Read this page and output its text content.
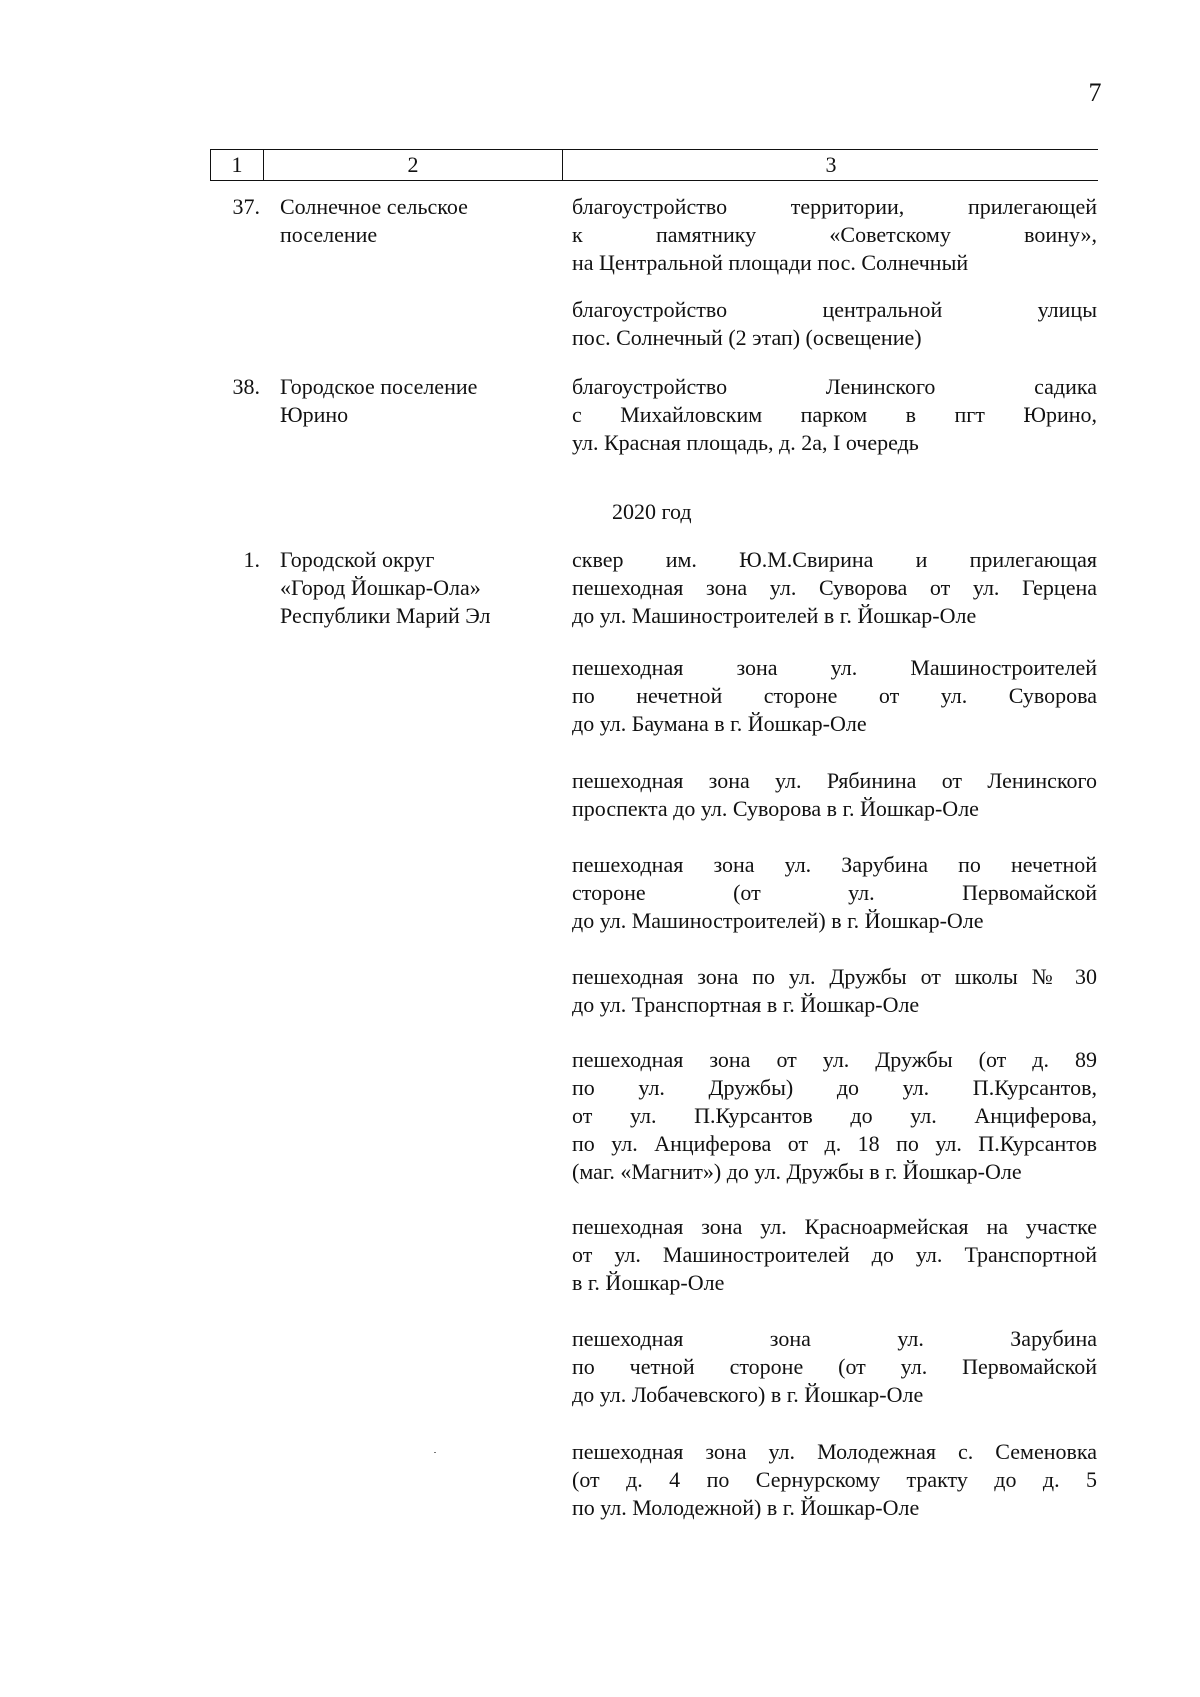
7
1	2	3
37. Солнечное сельское
поселение
благоустройство территории, прилегающей
к памятнику «Советскому воину»,
на Центральной площади пос. Солнечный
благоустройство центральной улицы
пос. Солнечный (2 этап) (освещение)
38. Городское поселение
Юрино
благоустройство Ленинского садика
с Михайловским парком в пгт Юрино,
ул. Красная площадь, д. 2а, I очередь
2020 год
1. Городской округ
«Город Йошкар-Ола»
Республики Марий Эл
сквер им. Ю.М.Свирина и прилегающая
пешеходная зона ул. Суворова от ул. Герцена
до ул. Машиностроителей в г. Йошкар-Оле
пешеходная зона ул. Машиностроителей
по нечетной стороне от ул. Суворова
до ул. Баумана в г. Йошкар-Оле
пешеходная зона ул. Рябинина от Ленинского
проспекта до ул. Суворова в г. Йошкар-Оле
пешеходная зона ул. Зарубина по нечетной
стороне (от ул. Первомайской
до ул. Машиностроителей) в г. Йошкар-Оле
пешеходная зона по ул. Дружбы от школы № 30
до ул. Транспортная в г. Йошкар-Оле
пешеходная зона от ул. Дружбы (от д. 89
по ул. Дружбы) до ул. П.Курсантов,
от ул. П.Курсантов до ул. Анциферова,
по ул. Анциферова от д. 18 по ул. П.Курсантов
(маг. «Магнит») до ул. Дружбы в г. Йошкар-Оле
пешеходная зона ул. Красноармейская на участке
от ул. Машиностроителей до ул. Транспортной
в г. Йошкар-Оле
пешеходная зона ул. Зарубина
по четной стороне (от ул. Первомайской
до ул. Лобачевского) в г. Йошкар-Оле
пешеходная зона ул. Молодежная с. Семеновка
(от д. 4 по Сернурскому тракту до д. 5
по ул. Молодежной) в г. Йошкар-Оле
